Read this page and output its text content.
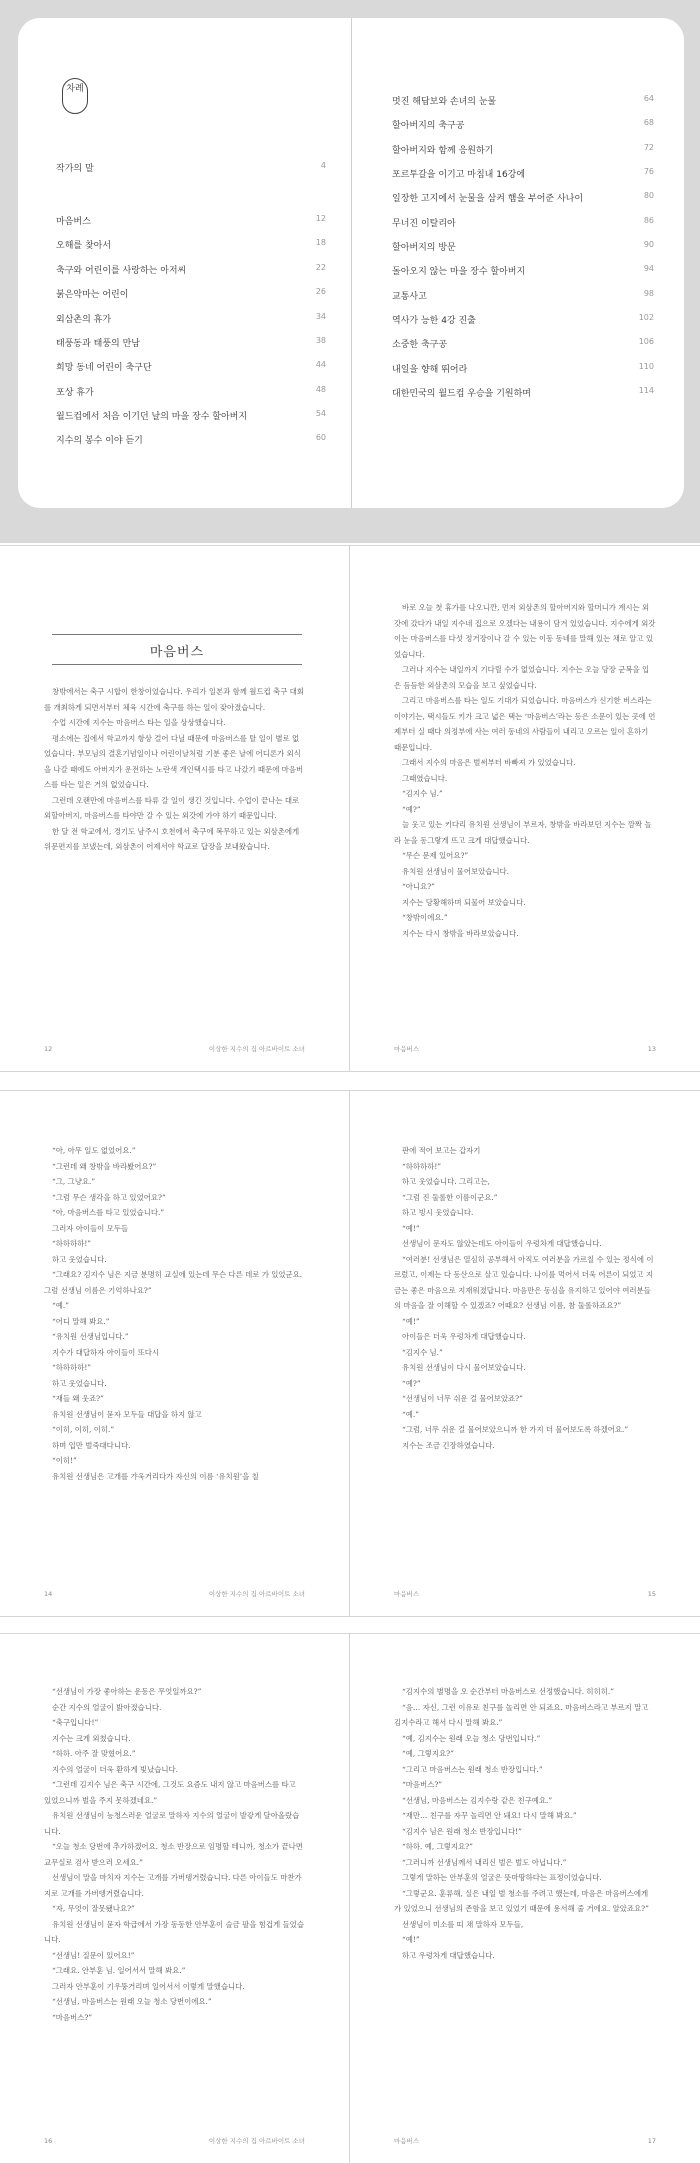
차례
작가의 말	4
마음버스	12
오해를 찾아서	18
축구와 어린이를 사랑하는 아저씨	22
붉은악마는 어린이	26
외삼촌의 휴가	34
태풍동과 태풍의 만남	38
희망 동네 어린이 축구단	44
포상 휴가	48
월드컵에서 처음 이기던 날의 마을 장수 할아버지	54
지수의 봉수 이야 듣기	60
멋진 해답보와 손녀의 눈물	64
할아버지의 축구공	68
할아버지와 함께 응원하기	72
포르투갈을 이기고 마침내 16강에	76
일장한 고지에서 눈물을 삼켜 햄을 부어준 사나이	80
무너진 이탈리아	86
할아버지의 방문	90
돌아오지 않는 마을 장수 할아버지	94
교통사고	98
역사가 능한 4강 진출	102
소중한 축구공	106
내일을 향해 뛰어라	110
대한민국의 월드컵 우승을 기원하며	114
마음버스

창밖에서는 축구 시합이 한창이었습니다. 우리가 일본과 함께 월드컵 축구 대회를 개최하게 되면서부터 체육 시간에 축구를 하는 일이 잦아졌습니다.

수업 시간에 지수는 마음버스 타는 일을 상상했습니다.

평소에는 집에서 학교까지 항상 걸어 다닐 때문에 마음버스를 탈 일이 별로 없었습니다. 부모님의 결혼기념일이나 어린이날처럼 기분 좋은 날에 어디론가 외식을 나갈 때에도 아버지가 운전하는 노란색 개인택시를 타고 나갔기 때문에 마음버스를 타는 일은 거의 없었습니다.

그런데 오랜만에 마음버스를 타류 갈 일이 생긴 것입니다. 수업이 끝나는 대로 외할아버지, 마음버스를 타야만 갈 수 있는 외갓에 가야 하기 때문입니다.

한 달 전 학교에서, 경기도 남주시 호천에서 축구에 복무하고 있는 외삼촌에게 위문편지를 보냈는데, 외삼촌이 어제서야 학교로 답장을 보내왔습니다.

12	이상한 지수의 집 아르바이트 소녀

바로 오늘 첫 휴가를 나오니깐, 먼저 외삼촌의 할아버지와 할머니가 계시는 외갓에 갔다가 내일 지수네 집으로 오겠다는 내용이 담겨 있었습니다. 지수에게 외갓이는 마음버스를 다섯 정거장이나 갈 수 있는 이동 동네를 말해 있는 채로 알고 있었습니다.

그러나 지수는 내일까지 기다릴 수가 없었습니다. 지수는 오늘 당장 군복을 입은 듬듬한 외삼촌의 모습을 보고 싶었습니다.

그리고 마음버스를 타는 일도 기대가 되었습니다. 마음버스가 신기한 버스라는 이야기는, 택시들도 키가 크고 넓은 택는 ‘마음버스’라는 등은 소문이 있는 곳에 언제부터 실 때다 의정부에 사는 여러 동네의 사람들이 내리고 오르는 일이 흔하기 때문입니다.

그래서 지수의 마음은 벌써부터 바빠져 가 있었습니다.

그때였습니다.

“김지수 님.”

“예?”

늘 웃고 있는 키다리 유치원 선생님이 부르자, 창밖을 바라보던 지수는 깜짝 놀라 눈을 동그랗게 뜨고 크게 대답했습니다.

“무슨 문제 있어요?”

유치원 선생님이 물어보았습니다.

“아니요?”

지수는 당황해하며 되물어 보았습니다.

“창밖이에요.”

지수는 다시 창밖을 바라보았습니다.

마음버스	13

“아, 아무 일도 없었어요.”

“그런데 왜 창밖을 바라봤어요?”

“그, 그냥요.”

“그럼 무슨 생각을 하고 있었어요?”

“아, 마음버스를 타고 있었습니다.”

그러자 아이들이 모두들

“하하하하!”

하고 웃었습니다.

“그래요? 김지수 님은 지금 분명히 교실에 있는데 무슨 다른 데로 가 있었군요. 그럼 선생님 이름은 기억하나요?”

“예.”

“어디 말해 봐요.”

“유치원 선생님입니다.”

지수가 대답하자 아이들이 또다시

“하하하하!”

하고 웃었습니다.

“재들 왜 웃죠?”

유치원 선생님이 묻자 모두들 대답을 하지 않고

“이히, 이히, 이히.”

하며 입만 벌죽대다니다.

“이히!”

유치원 선생님은 고개를 갸욱거리다가 자신의 이름 ‘유치원’을 칠

14	이상한 지수의 집 아르바이트 소녀

판에 적어 보고는 갑자기

“하하하하!”

하고 웃었습니다. 그리고는,

“그럼 진 둘롤한 이름이군요.”

하고 빙시 웃었습니다.

“예!”

선생님이 문자도 않았는데도 아이들이 우렁차게 대답했습니다.

“여러분! 선생님은 열심히 공부해서 아직도 여러분을 가르칠 수 있는 정식에 이르렀고, 이제는 다 동산으로 살고 있습니다. 나이를 먹어서 더욱 어른이 되었고 지금는 좋은 마음으로 지재워졌답니다. 마음만은 동심을 유지하고 있어야 여러분들의 마음을 잘 이해할 수 있겠죠? 어때요? 선생님 이름, 참 둘롤하죠요?”

“예!”

아이들은 더욱 우렁차게 대답했습니다.

“김지수 님.”

유치원 선생님이 다시 물어보았습니다.

“예?”

“선생님이 너무 쉬운 걸 물어보았죠?”

“예.”

“그럼, 너무 쉬운 걸 물어보았으니까 한 가지 더 물어보도록 하겠어요.”

지수는 조금 긴장하였습니다.

마음버스	15

“선생님이 가장 좋아하는 운동은 무엇일까요?”

순간 지수의 얼굴이 밝아졌습니다.

“축구입니다!”

지수는 크게 외쳤습니다.

“하하. 아주 잘 맞혔어요.”

지수의 얼굴이 더욱 환하게 빛났습니다.

“그런데 김지수 님은 축구 시간에, 그것도 요즘도 내지 않고 마음버스를 타고 있었으니까 벌을 주지 못하겠네요.”

유치원 선생님이 능청스러운 얼굴로 말하자 지수의 얼굴이 발갛게 달아올랐습니다.

“오늘 청소 당번에 추가하겠어요. 청소 반장으로 임명할 테니까, 청소가 끝나면 교무실로 검사 받으러 오세요.”

선생님이 말을 마치자 지수는 고개를 가버뎅거렸습니다. 다른 아이들도 마찬가지로 고개를 가버뎅거렸습니다.

“자, 무엇이 잘못됐나요?”

유치원 선생님이 묻자 학급에서 가장 동동한 안부훈이 슬금 팔을 힘겁게 들었습니다.

“선생님! 질문이 있어요!”

“그래요. 안부훈 님. 일어서서 말해 봐요.”

그러자 안부훈이 기우뚱거리며 일어서서 이렇게 말했습니다.

“선생님, 마음버스는 원래 오늘 청소 당번이에요.”

“마음버스?”

16	이상한 지수의 집 아르바이트 소녀

“김지수의 별명을 오 순간부터 마음버스로 선정했습니다. 히히히.”

“음… 자신, 그런 이유로 친구를 놀리면 안 되죠요. 마음버스라고 부르지 말고 김지수라고 해서 다시 말해 봐요.”

“예, 김지수는 원래 오늘 청소 당번입니다.”

“예, 그렇지요?”

“그리고 마음버스는 원래 청소 반장입니다.”

“마음버스?”

“선생님, 마음버스는 김지수랑 같은 친구예요.”

“재만… 친구를 자꾸 놀리면 안 돼요! 다시 말해 봐요.”

“김지수 님은 원래 청소 반장입니다!”

“하하. 예, 그렇지요?”

“그러니까 선생님께서 내리신 벌은 벌도 아닙니다.”

그렇게 말하는 안부훈의 얼굴은 뜻마땅하다는 표정이었습니다.

“그렇군요. 훈류해, 실은 내일 벌 청소를 주려고 했는데, 마음은 마음버스에게 가 있었으니 선생님의 존함을 보고 있었기 때문에 용서해 줄 거에요. 알았죠요?”

선생님이 미소를 띠 채 말하자 모두들,

“예!”

하고 우렁차게 대답했습니다.

마음버스	17
